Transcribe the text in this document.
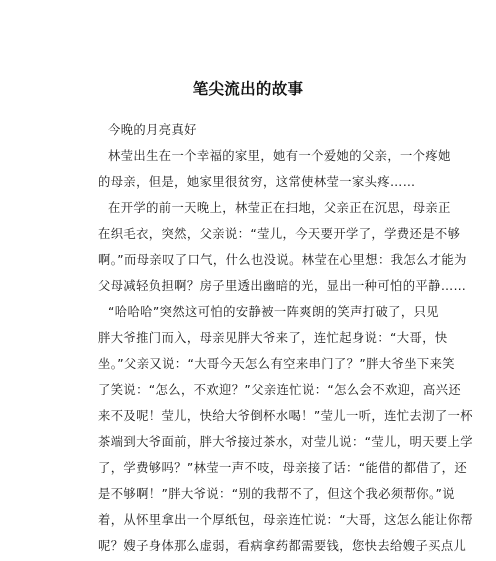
笔尖流出的故事

今晚的月亮真好

林莹出生在一个幸福的家里，她有一个爱她的父亲，一个疼她
的母亲，但是，她家里很贫穷，这常使林莹一家头疼……

在开学的前一天晚上，林莹正在扫地，父亲正在沉思，母亲正
在织毛衣，突然，父亲说：“莹儿，今天要开学了，学费还是不够
啊。”而母亲叹了口气，什么也没说。林莹在心里想：我怎么才能为
父母减轻负担啊？房子里透出幽暗的光，显出一种可怕的平静……

“哈哈哈”突然这可怕的安静被一阵爽朗的笑声打破了，只见
胖大爷推门而入，母亲见胖大爷来了，连忙起身说：“大哥，快
坐。”父亲又说：“大哥今天怎么有空来串门了？”胖大爷坐下来笑
了笑说：“怎么，不欢迎？”父亲连忙说：“怎么会不欢迎，高兴还
来不及呢！莹儿，快给大爷倒杯水喝！”莹儿一听，连忙去沏了一杯
茶端到大爷面前，胖大爷接过茶水，对莹儿说：“莹儿，明天要上学
了，学费够吗？”林莹一声不吱，母亲接了话：“能借的都借了，还
是不够啊！”胖大爷说：“别的我帮不了，但这个我必须帮你。”说
着，从怀里拿出一个厚纸包，母亲连忙说：“大哥，这怎么能让你帮
呢？嫂子身体那么虚弱，看病拿药都需要钱，您快去给嫂子买点儿
